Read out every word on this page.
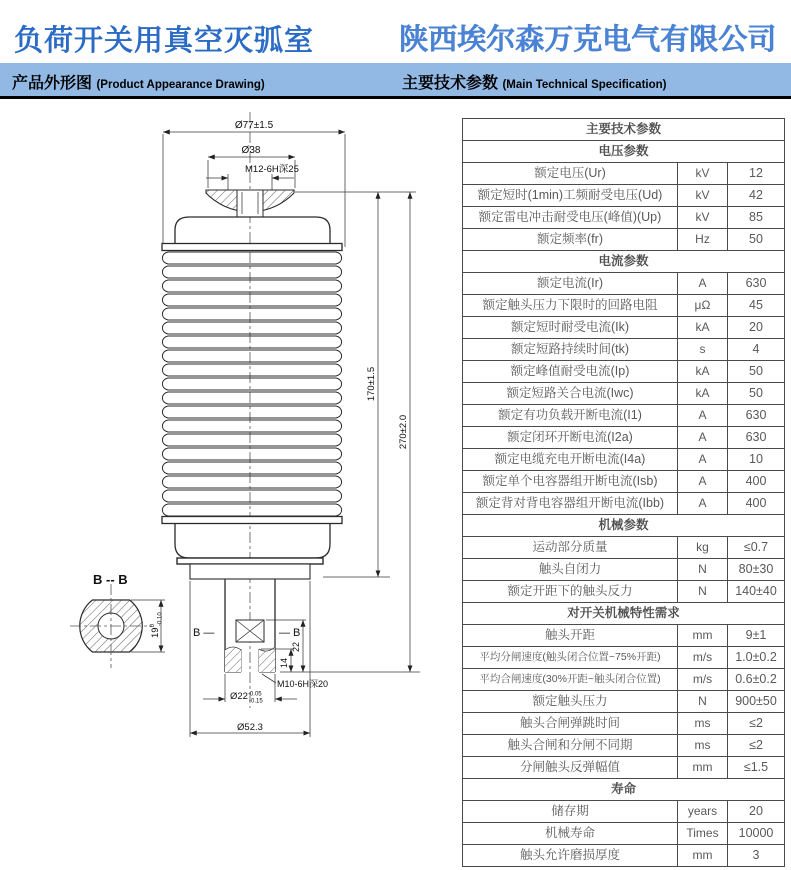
负荷开关用真空灭弧室	陕西埃尔森万克电气有限公司
产品外形图 (Product Appearance Drawing)	主要技术参数 (Main Technical Specification)
Ø77±1.5
Ø38
M12-6H深25
B —	— B
14
22
M10-6H深20
$Ø22^{-0.05}$ -0.15
Ø52.3
170±1.5
270±2.0
B -- B
$19^0$ -0.10
主要技术参数		
电压参数		
额定电压(Ur)	kV	12
额定短时(1min)工频耐受电压(Ud)	kV	42
额定雷电冲击耐受电压(峰值)(Up)	kV	85
额定频率(fr)	Hz	50
电流参数		
额定电流(Ir)	A	630
额定触头压力下限时的回路电阻	μΩ	45
额定短时耐受电流(Ik)	kA	20
额定短路持续时间(tk)	s	4
额定峰值耐受电流(Ip)	kA	50
额定短路关合电流(Iwc)	kA	50
额定有功负载开断电流(I1)	A	630
额定闭环开断电流(I2a)	A	630
额定电缆充电开断电流(I4a)	A	10
额定单个电容器组开断电流(Isb)	A	400
额定背对背电容器组开断电流(Ibb)	A	400
机械参数		
运动部分质量	kg	≤0.7
触头自闭力	N	80±30
额定开距下的触头反力	N	140±40
对开关机械特性需求		
触头开距	mm	9±1
平均分闸速度(触头闭合位置~75%开距)	m/s	1.0±0.2
平均合闸速度(30%开距~触头闭合位置)	m/s	0.6±0.2
额定触头压力	N	900±50
触头合闸弹跳时间	ms	≤2
触头合闸和分闸不同期	ms	≤2
分闸触头反弹幅值	mm	≤1.5
寿命		
储存期	years	20
机械寿命	Times	10000
触头允许磨损厚度	mm	3
